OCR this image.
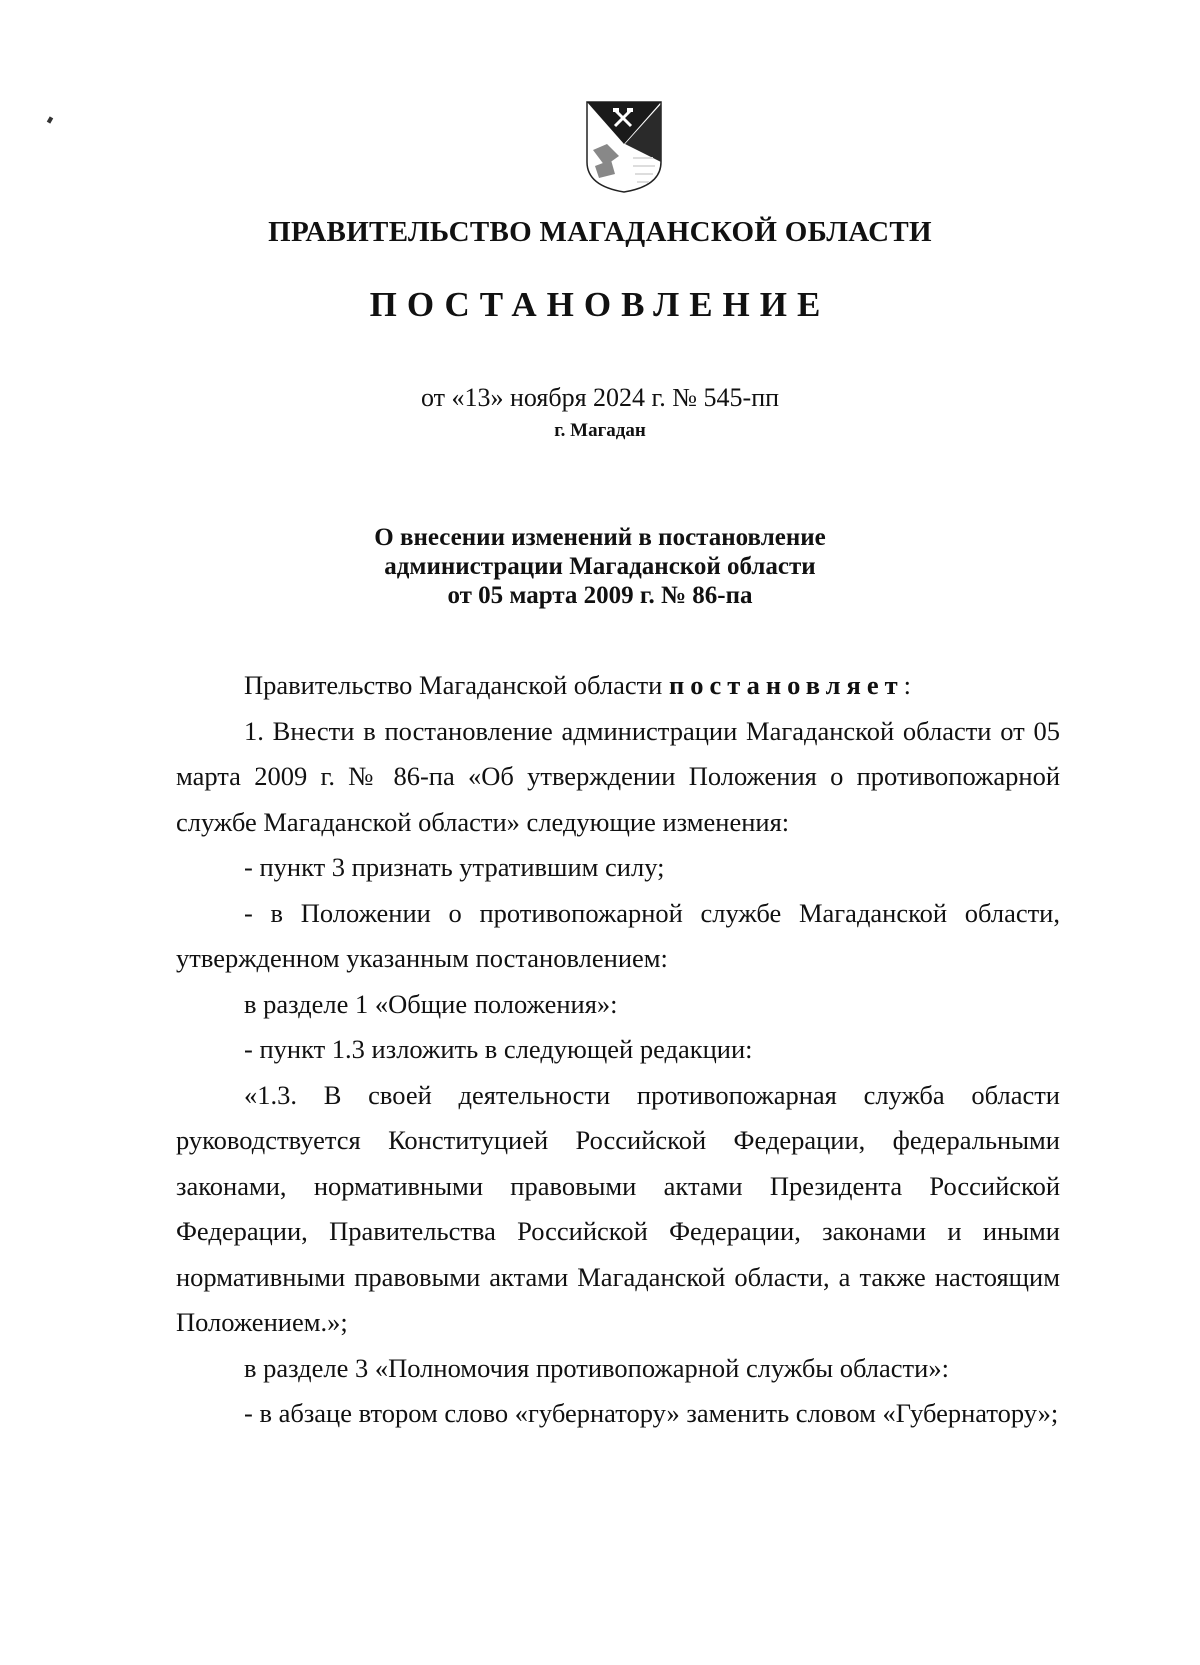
ПРАВИТЕЛЬСТВО МАГАДАНСКОЙ ОБЛАСТИ
ПОСТАНОВЛЕНИЕ
от «13» ноября 2024 г. № 545-пп
г. Магадан
О внесении изменений в постановление
администрации Магаданской области
от 05 марта 2009 г. № 86-па
Правительство Магаданской области постановляет:
1. Внести в постановление администрации Магаданской области от 05 марта 2009 г. № 86-па «Об утверждении Положения о противопожарной службе Магаданской области» следующие изменения:
- пункт 3 признать утратившим силу;
- в Положении о противопожарной службе Магаданской области, утвержденном указанным постановлением:
в разделе 1 «Общие положения»:
- пункт 1.3 изложить в следующей редакции:
«1.3. В своей деятельности противопожарная служба области руководствуется Конституцией Российской Федерации, федеральными законами, нормативными правовыми актами Президента Российской Федерации, Правительства Российской Федерации, законами и иными нормативными правовыми актами Магаданской области, а также настоящим Положением.»;
в разделе 3 «Полномочия противопожарной службы области»:
- в абзаце втором слово «губернатору» заменить словом «Губернатору»;
